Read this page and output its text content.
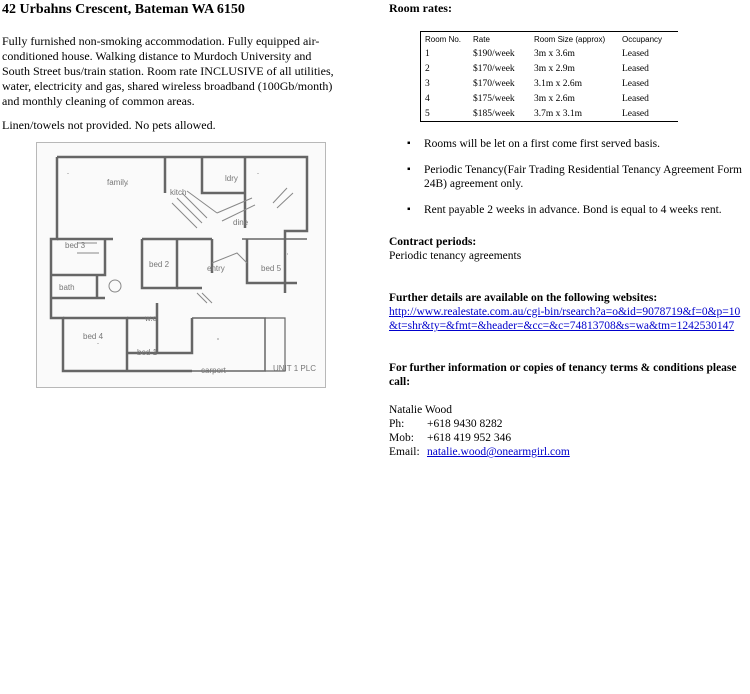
42 Urbahns Crescent, Bateman WA 6150

Fully furnished non-smoking accommodation. Fully equipped air-conditioned house. Walking distance to Murdoch University and South Street bus/train station. Room rate INCLUSIVE of all utilities, water, electricity and gas, shared wireless broadband (100Gb/month) and monthly cleaning of common areas.

Linen/towels not provided. No pets allowed.

family
kitch
ldry
dine
bed 3
bed 2	entry	bed 5
bath
w.c
bed 4
bed 1
carport	UNIT 1 PLC
Room rates:
Room No.	Rate	Room Size (approx)	Occupancy
1	$190/week	3m x 3.6m	Leased
2	$170/week	3m x 2.9m	Leased
3	$170/week	3.1m x 2.6m	Leased
4	$175/week	3m x 2.6m	Leased
5	$185/week	3.7m x 3.1m	Leased
▪ Rooms will be let on a first come first served basis.
▪ Periodic Tenancy(Fair Trading Residential Tenancy Agreement Form 24B) agreement only.
▪ Rent payable 2 weeks in advance. Bond is equal to 4 weeks rent.
Contract periods:
Periodic tenancy agreements
Further details are available on the following websites:
http://www.realestate.com.au/cgi-bin/rsearch?a=o&id=9078719&f=0&p=10&t=shr&ty=&fmt=&header=&cc=&c=74813708&s=wa&tm=1242530147
For further information or copies of tenancy terms & conditions please call:
Natalie Wood
Ph:	+618 9430 8282
Mob:	+618 419 952 346
Email: natalie.wood@onearmgirl.com
